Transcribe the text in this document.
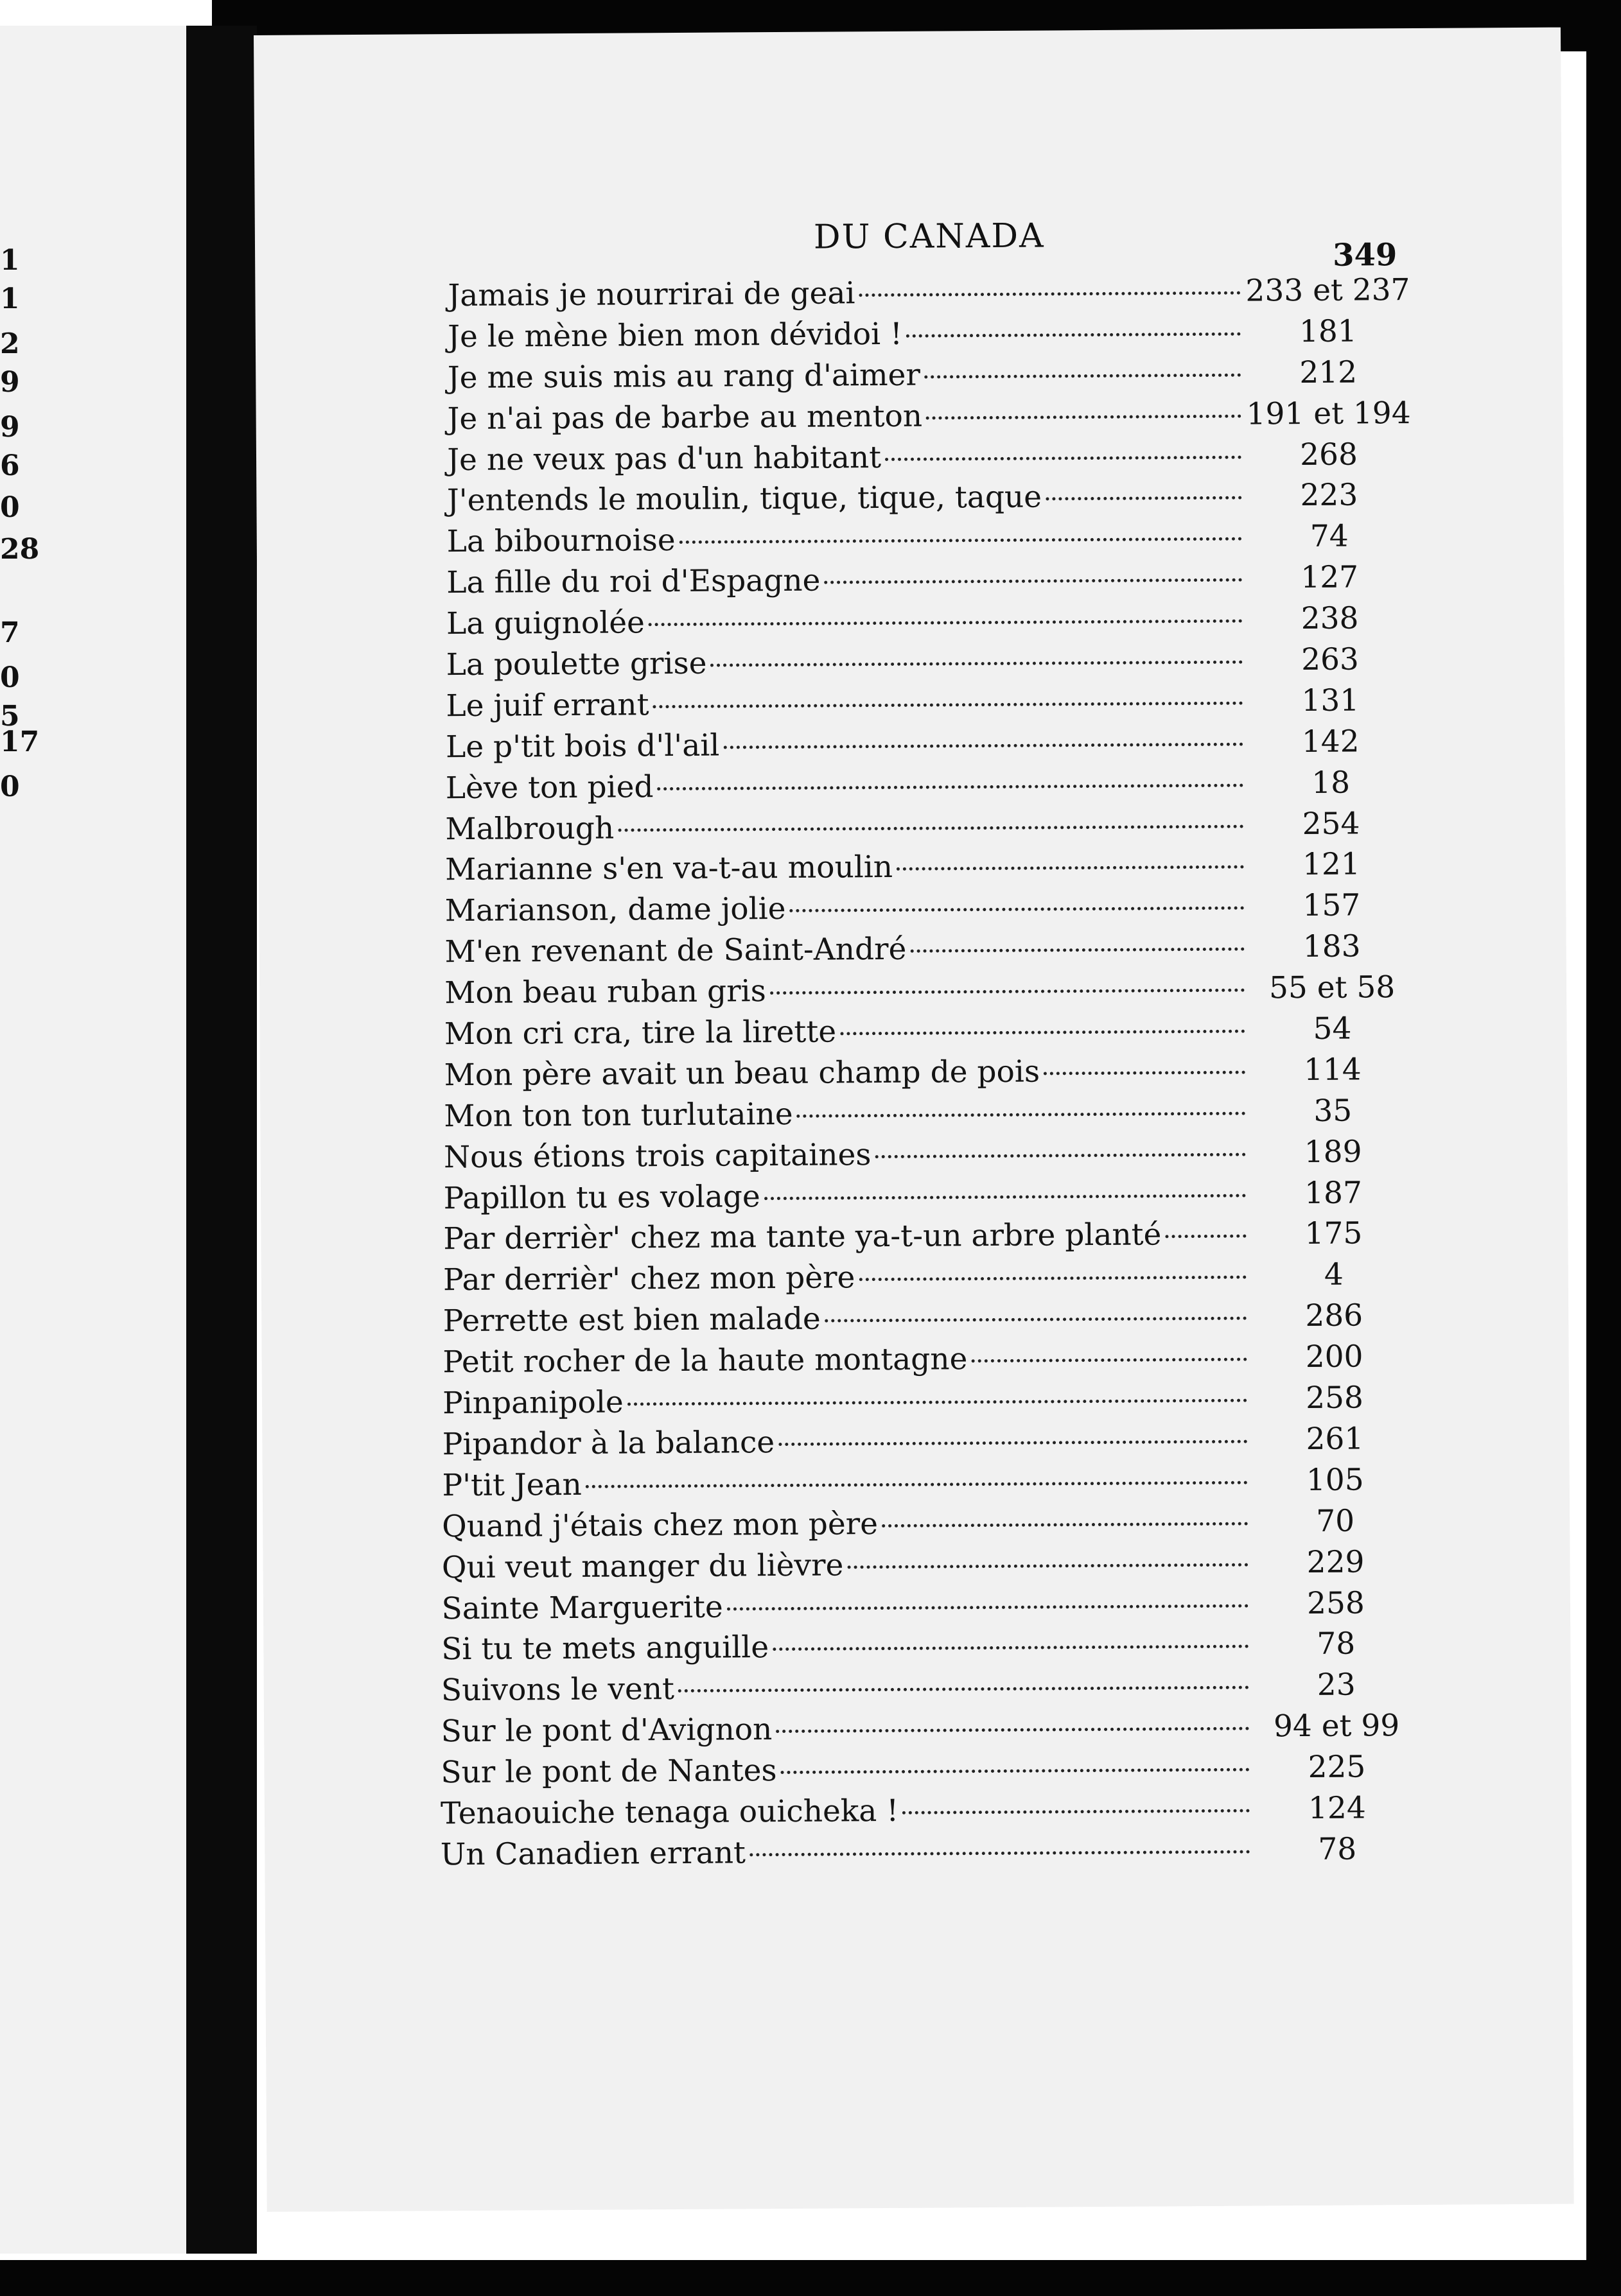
1
1
2
9
9
6
0
28
7
0
5
17
0
DU CANADA	349
Jamais je nourrirai de geai	233 et 237
Je le mène bien mon dévidoi !	181
Je me suis mis au rang d'aimer	212
Je n'ai pas de barbe au menton	191 et 194
Je ne veux pas d'un habitant	268
J'entends le moulin, tique, tique, taque	223
La bibournoise	74
La fille du roi d'Espagne	127
La guignolée	238
La poulette grise	263
Le juif errant	131
Le p'tit bois d'l'ail	142
Lève ton pied	18
Malbrough	254
Marianne s'en va-t-au moulin	121
Marianson, dame jolie	157
M'en revenant de Saint-André	183
Mon beau ruban gris	55 et 58
Mon cri cra, tire la lirette	54
Mon père avait un beau champ de pois	114
Mon ton ton turlutaine	35
Nous étions trois capitaines	189
Papillon tu es volage	187
Par derrièr' chez ma tante ya-t-un arbre planté	175
Par derrièr' chez mon père	4
Perrette est bien malade	286
Petit rocher de la haute montagne	200
Pinpanipole	258
Pipandor à la balance	261
P'tit Jean	105
Quand j'étais chez mon père	70
Qui veut manger du lièvre	229
Sainte Marguerite	258
Si tu te mets anguille	78
Suivons le vent	23
Sur le pont d'Avignon	94 et 99
Sur le pont de Nantes	225
Tenaouiche tenaga ouicheka !	124
Un Canadien errant	78
